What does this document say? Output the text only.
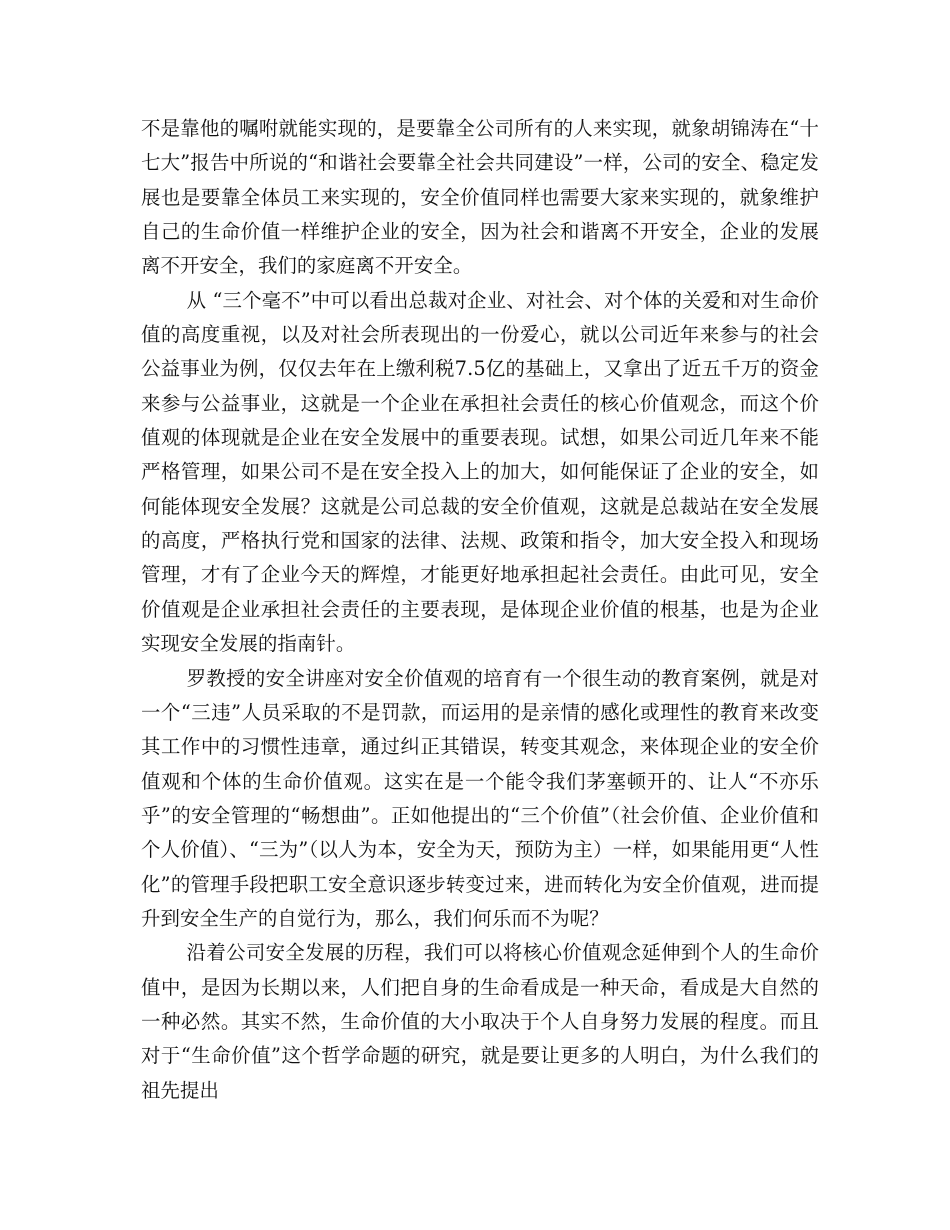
不是靠他的嘱咐就能实现的，是要靠全公司所有的人来实现，就象胡锦涛在“十七大”报告中所说的“和谐社会要靠全社会共同建设”一样，公司的安全、稳定发展也是要靠全体员工来实现的，安全价值同样也需要大家来实现的，就象维护自己的生命价值一样维护企业的安全，因为社会和谐离不开安全，企业的发展离不开安全，我们的家庭离不开安全。

从 “三个毫不”中可以看出总裁对企业、对社会、对个体的关爱和对生命价值的高度重视，以及对社会所表现出的一份爱心，就以公司近年来参与的社会公益事业为例，仅仅去年在上缴利税7.5亿的基础上，又拿出了近五千万的资金来参与公益事业，这就是一个企业在承担社会责任的核心价值观念，而这个价值观的体现就是企业在安全发展中的重要表现。试想，如果公司近几年来不能严格管理，如果公司不是在安全投入上的加大，如何能保证了企业的安全，如何能体现安全发展？这就是公司总裁的安全价值观，这就是总裁站在安全发展的高度，严格执行党和国家的法律、法规、政策和指令，加大安全投入和现场管理，才有了企业今天的辉煌，才能更好地承担起社会责任。由此可见，安全价值观是企业承担社会责任的主要表现，是体现企业价值的根基，也是为企业实现安全发展的指南针。

罗教授的安全讲座对安全价值观的培育有一个很生动的教育案例，就是对一个“三违”人员采取的不是罚款，而运用的是亲情的感化或理性的教育来改变其工作中的习惯性违章，通过纠正其错误，转变其观念，来体现企业的安全价值观和个体的生命价值观。这实在是一个能令我们茅塞顿开的、让人“不亦乐乎”的安全管理的“畅想曲”。正如他提出的“三个价值”（社会价值、企业价值和个人价值）、“三为”（以人为本，安全为天，预防为主）一样，如果能用更“人性化”的管理手段把职工安全意识逐步转变过来，进而转化为安全价值观，进而提升到安全生产的自觉行为，那么，我们何乐而不为呢？

沿着公司安全发展的历程，我们可以将核心价值观念延伸到个人的生命价值中，是因为长期以来，人们把自身的生命看成是一种天命，看成是大自然的一种必然。其实不然，生命价值的大小取决于个人自身努力发展的程度。而且对于“生命价值”这个哲学命题的研究，就是要让更多的人明白，为什么我们的祖先提出
